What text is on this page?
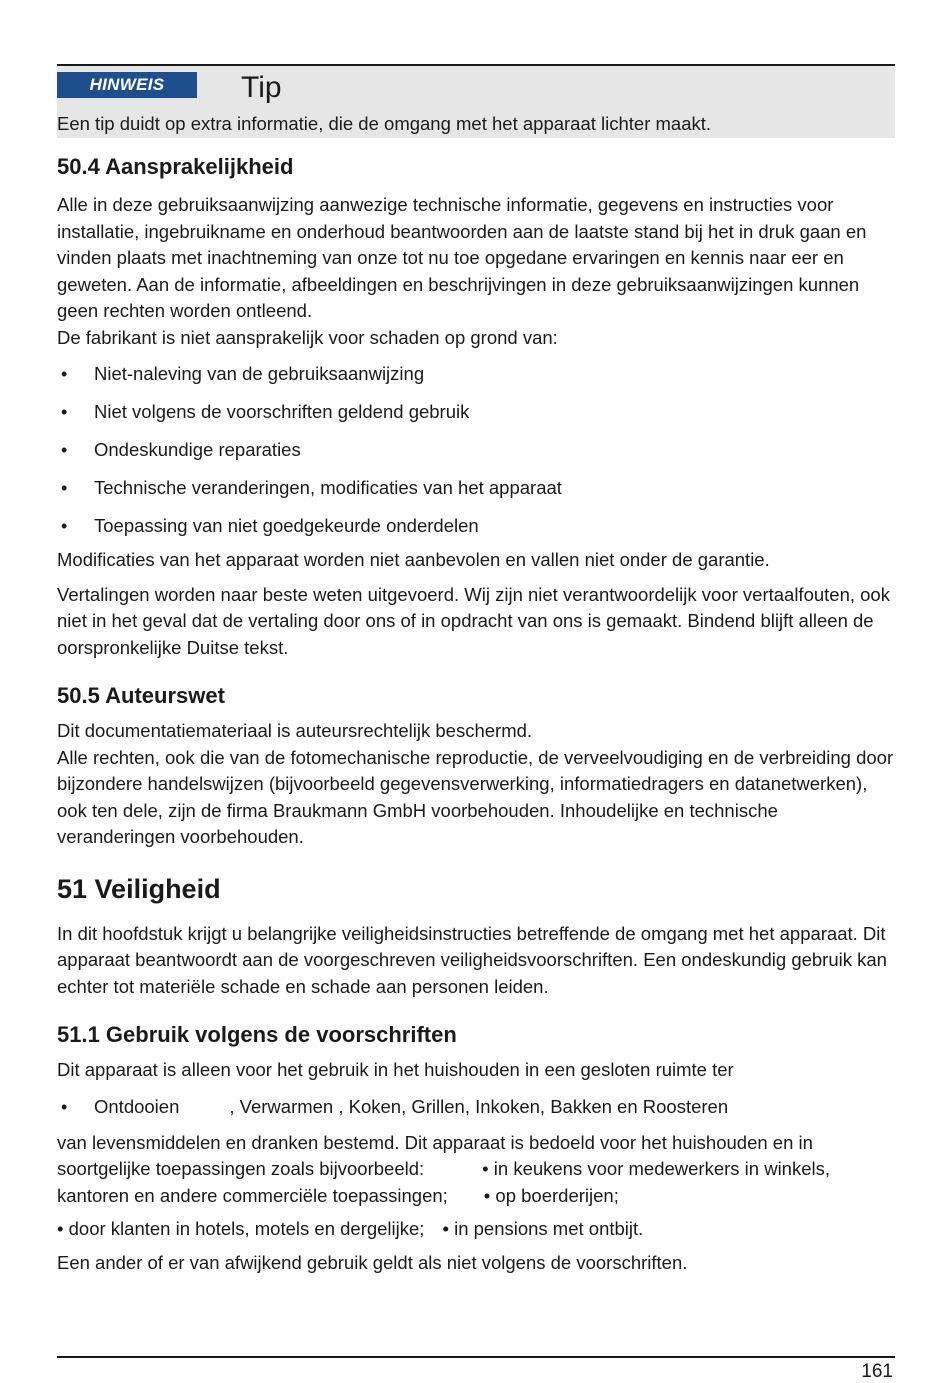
HINWEIS	Tip
Een tip duidt op extra informatie, die de omgang met het apparaat lichter maakt.
50.4 Aansprakelijkheid

Alle in deze gebruiksaanwijzing aanwezige technische informatie, gegevens en instructies voor installatie, ingebruikname en onderhoud beantwoorden aan de laatste stand bij het in druk gaan en vinden plaats met inachtneming van onze tot nu toe opgedane ervaringen en kennis naar eer en geweten. Aan de informatie, afbeeldingen en beschrijvingen in deze gebruiksaanwijzingen kunnen geen rechten worden ontleend.

De fabrikant is niet aansprakelijk voor schaden op grond van:

• Niet-naleving van de gebruiksaanwijzing
• Niet volgens de voorschriften geldend gebruik
• Ondeskundige reparaties
• Technische veranderingen, modificaties van het apparaat
• Toepassing van niet goedgekeurde onderdelen

Modificaties van het apparaat worden niet aanbevolen en vallen niet onder de garantie.

Vertalingen worden naar beste weten uitgevoerd. Wij zijn niet verantwoordelijk voor vertaalfouten, ook niet in het geval dat de vertaling door ons of in opdracht van ons is gemaakt. Bindend blijft alleen de oorspronkelijke Duitse tekst.

50.5 Auteurswet

Dit documentatiemateriaal is auteursrechtelijk beschermd.

Alle rechten, ook die van de fotomechanische reproductie, de verveelvoudiging en de verbreiding door bijzondere handelswijzen (bijvoorbeeld gegevensverwerking, informatiedragers en datanetwerken), ook ten dele, zijn de firma Braukmann GmbH voorbehouden. Inhoudelijke en technische veranderingen voorbehouden.

51 Veiligheid

In dit hoofdstuk krijgt u belangrijke veiligheidsinstructies betreffende de omgang met het apparaat. Dit apparaat beantwoordt aan de voorgeschreven veiligheidsvoorschriften. Een ondeskundig gebruik kan echter tot materiële schade en schade aan personen leiden.

51.1 Gebruik volgens de voorschriften

Dit apparaat is alleen voor het gebruik in het huishouden in een gesloten ruimte ter

• Ontdooien	, Verwarmen , Koken, Grillen, Inkoken, Bakken en Roosteren

van levensmiddelen en dranken bestemd. Dit apparaat is bedoeld voor het huishouden en in soortgelijke toepassingen zoals bijvoorbeeld:	• in keukens voor medewerkers in winkels, kantoren en andere commerciële toepassingen;	• op boerderijen;

• door klanten in hotels, motels en dergelijke; • in pensions met ontbijt.

Een ander of er van afwijkend gebruik geldt als niet volgens de voorschriften.

161
